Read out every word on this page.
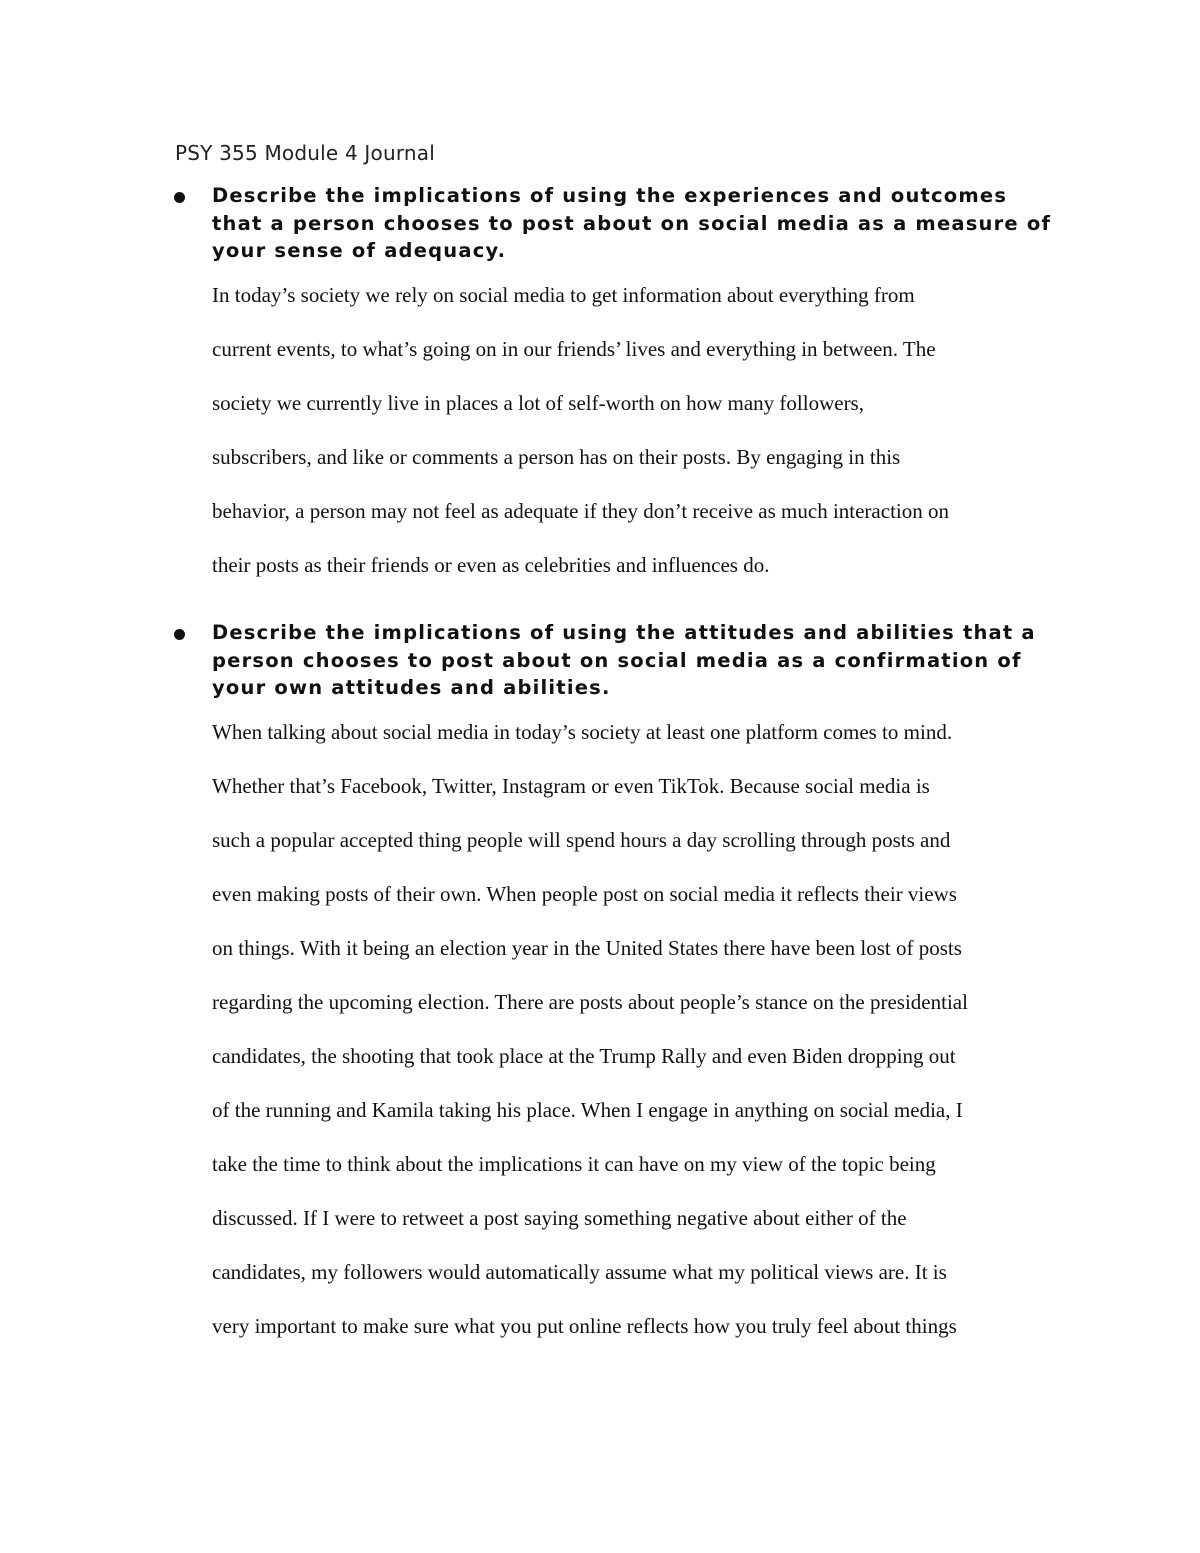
PSY 355 Module 4 Journal
Describe the implications of using the experiences and outcomes
that a person chooses to post about on social media as a measure of
your sense of adequacy.
In today’s society we rely on social media to get information about everything from
current events, to what’s going on in our friends’ lives and everything in between. The
society we currently live in places a lot of self-worth on how many followers,
subscribers, and like or comments a person has on their posts. By engaging in this
behavior, a person may not feel as adequate if they don’t receive as much interaction on
their posts as their friends or even as celebrities and influences do.
Describe the implications of using the attitudes and abilities that a
person chooses to post about on social media as a confirmation of
your own attitudes and abilities.
When talking about social media in today’s society at least one platform comes to mind.
Whether that’s Facebook, Twitter, Instagram or even TikTok. Because social media is
such a popular accepted thing people will spend hours a day scrolling through posts and
even making posts of their own. When people post on social media it reflects their views
on things. With it being an election year in the United States there have been lost of posts
regarding the upcoming election. There are posts about people’s stance on the presidential
candidates, the shooting that took place at the Trump Rally and even Biden dropping out
of the running and Kamila taking his place. When I engage in anything on social media, I
take the time to think about the implications it can have on my view of the topic being
discussed. If I were to retweet a post saying something negative about either of the
candidates, my followers would automatically assume what my political views are. It is
very important to make sure what you put online reflects how you truly feel about things
